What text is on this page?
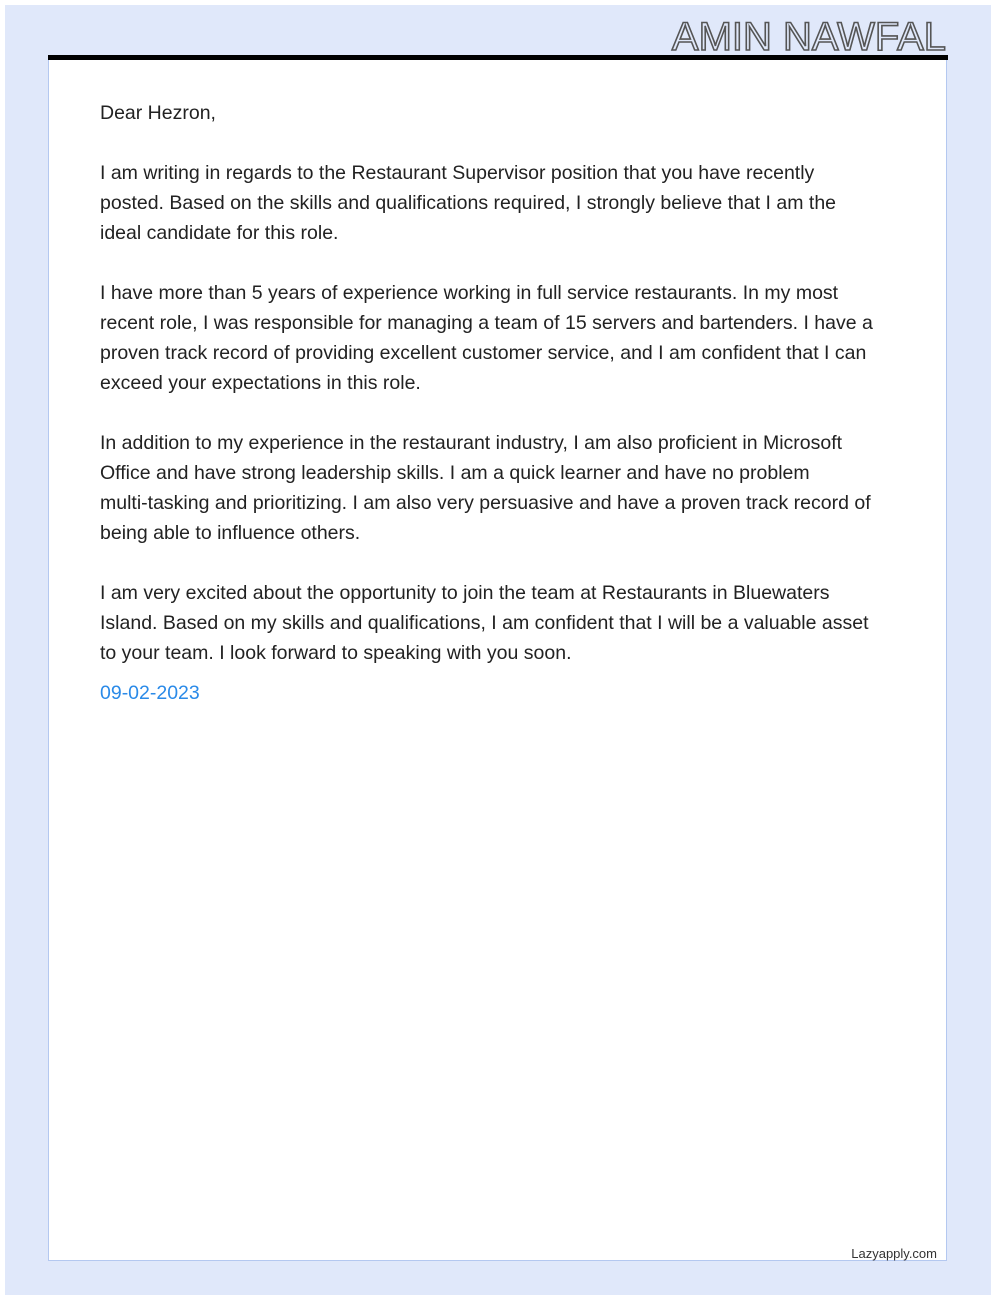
AMIN NAWFAL

Dear Hezron,

I am writing in regards to the Restaurant Supervisor position that you have recently
posted. Based on the skills and qualifications required, I strongly believe that I am the
ideal candidate for this role.

I have more than 5 years of experience working in full service restaurants. In my most
recent role, I was responsible for managing a team of 15 servers and bartenders. I have a
proven track record of providing excellent customer service, and I am confident that I can
exceed your expectations in this role.

In addition to my experience in the restaurant industry, I am also proficient in Microsoft
Office and have strong leadership skills. I am a quick learner and have no problem
multi-tasking and prioritizing. I am also very persuasive and have a proven track record of
being able to influence others.

I am very excited about the opportunity to join the team at Restaurants in Bluewaters
Island. Based on my skills and qualifications, I am confident that I will be a valuable asset
to your team. I look forward to speaking with you soon.

09-02-2023
Lazyapply.com
